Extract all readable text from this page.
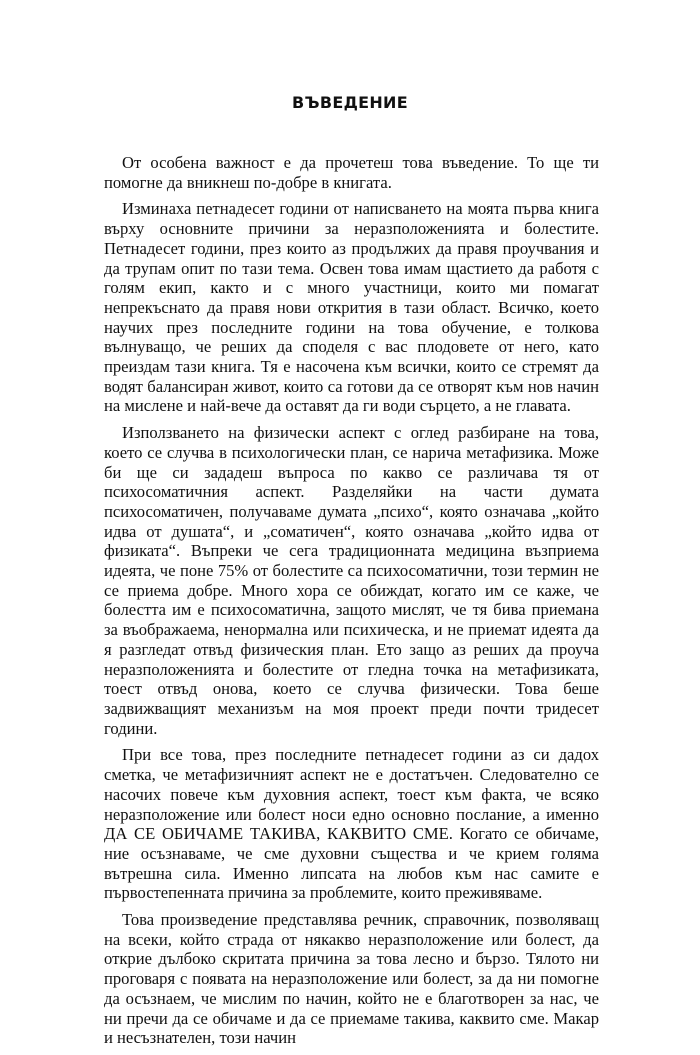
ВЪВЕДЕНИЕ

От особена важност е да прочетеш това въведение. То ще ти помогне да вникнеш по-добре в книгата.

Изминаха петнадесет години от написването на моята първа книга върху основните причини за неразположенията и болестите. Петнадесет години, през които аз продължих да правя проучвания и да трупам опит по тази тема. Освен това имам щастието да работя с голям екип, както и с много участници, които ми помагат непрекъснато да правя нови открития в тази област. Всичко, което научих през последните години на това обучение, е толкова вълнуващо, че реших да споделя с вас плодовете от него, като преиздам тази книга. Тя е насочена към всички, които се стремят да водят балансиран живот, които са готови да се отворят към нов начин на мислене и най-вече да оставят да ги води сърцето, а не главата.

Използването на физически аспект с оглед разбиране на това, което се случва в психологически план, се нарича метафизика. Може би ще си зададеш въпроса по какво се различава тя от психосоматичния аспект. Разделяйки на части думата психосоматичен, получаваме думата „психо“, която означава „който идва от душата“, и „соматичен“, която означава „който идва от физиката“. Въпреки че сега традиционната медицина възприема идеята, че поне 75% от болестите са психосоматични, този термин не се приема добре. Много хора се обиждат, когато им се каже, че болестта им е психосоматична, защото мислят, че тя бива приемана за въображаема, ненормална или психическа, и не приемат идеята да я разгледат отвъд физическия план. Ето защо аз реших да проуча неразположенията и болестите от гледна точка на метафизиката, тоест отвъд онова, което се случва физически. Това беше задвижващият механизъм на моя проект преди почти тридесет години.

При все това, през последните петнадесет години аз си дадох сметка, че метафизичният аспект не е достатъчен. Следователно се насочих повече към духовния аспект, тоест към факта, че всяко неразположение или болест носи едно основно послание, а именно ДА СЕ ОБИЧАМЕ ТАКИВА, КАКВИТО СМЕ. Когато се обичаме, ние осъзнаваме, че сме духовни същества и че крием голяма вътрешна сила. Именно липсата на любов към нас самите е първостепенната причина за проблемите, които преживяваме.

Това произведение представлява речник, справочник, позволяващ на всеки, който страда от някакво неразположение или болест, да открие дълбоко скритата причина за това лесно и бързо. Тялото ни проговаря с появата на неразположение или болест, за да ни помогне да осъзнаем, че мислим по начин, който не е благотворен за нас, че ни пречи да се обичаме и да се приемаме такива, каквито сме. Макар и несъзнателен, този начин
